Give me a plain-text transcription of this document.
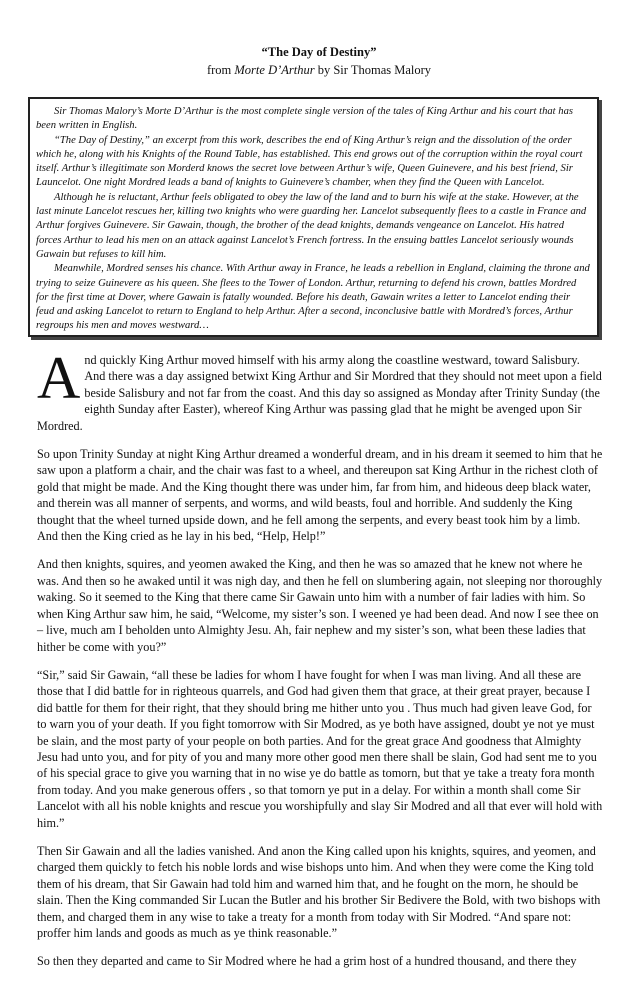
“The Day of Destiny”
from Morte D’Arthur by Sir Thomas Malory

Sir Thomas Malory’s Morte D’Arthur is the most complete single version of the tales of King Arthur and his court that has been written in English.

“The Day of Destiny,” an excerpt from this work, describes the end of King Arthur’s reign and the dissolution of the order which he, along with his Knights of the Round Table, has established. This end grows out of the corruption within the royal court itself. Arthur’s illegitimate son Morderd knows the secret love between Arthur’s wife, Queen Guinevere, and his best friend, Sir Launcelot. One night Mordred leads a band of knights to Guinevere’s chamber, when they find the Queen with Lancelot.

Although he is reluctant, Arthur feels obligated to obey the law of the land and to burn his wife at the stake. However, at the last minute Lancelot rescues her, killing two knights who were guarding her. Lancelot subsequently flees to a castle in France and Arthur forgives Guinevere. Sir Gawain, though, the brother of the dead knights, demands vengeance on Lancelot. His hatred forces Arthur to lead his men on an attack against Lancelot’s French fortress. In the ensuing battles Lancelot seriously wounds Gawain but refuses to kill him.

Meanwhile, Mordred senses his chance. With Arthur away in France, he leads a rebellion in England, claiming the throne and trying to seize Guinevere as his queen. She flees to the Tower of London. Arthur, returning to defend his crown, battles Mordred for the first time at Dover, where Gawain is fatally wounded. Before his death, Gawain writes a letter to Lancelot ending their feud and asking Lancelot to return to England to help Arthur. After a second, inconclusive battle with Mordred’s forces, Arthur regroups his men and moves westward…

And quickly King Arthur moved himself with his army along the coastline westward, toward Salisbury. And there was a day assigned betwixt King Arthur and Sir Mordred that they should not meet upon a field beside Salisbury and not far from the coast. And this day so assigned as Monday after Trinity Sunday (the eighth Sunday after Easter), whereof King Arthur was passing glad that he might be avenged upon Sir Mordred.

So upon Trinity Sunday at night King Arthur dreamed a wonderful dream, and in his dream it seemed to him that he saw upon a platform a chair, and the chair was fast to a wheel, and thereupon sat King Arthur in the richest cloth of gold that might be made. And the King thought there was under him, far from him, and hideous deep black water, and therein was all manner of serpents, and worms, and wild beasts, foul and horrible. And suddenly the King thought that the wheel turned upside down, and he fell among the serpents, and every beast took him by a limb. And then the King cried as he lay in his bed, “Help, Help!”

And then knights, squires, and yeomen awaked the King, and then he was so amazed that he knew not where he was. And then so he awaked until it was nigh day, and then he fell on slumbering again, not sleeping nor thoroughly waking. So it seemed to the King that there came Sir Gawain unto him with a number of fair ladies with him. So when King Arthur saw him, he said, “Welcome, my sister’s son. I weened ye had been dead. And now I see thee on – live, much am I beholden unto Almighty Jesu. Ah, fair nephew and my sister’s son, what been these ladies that hither be come with you?”

“Sir,” said Sir Gawain, “all these be ladies for whom I have fought for when I was man living. And all these are those that I did battle for in righteous quarrels, and God had given them that grace, at their great prayer, because I did battle for them for their right, that they should bring me hither unto you . Thus much had given leave God, for to warn you of your death. If you fight tomorrow with Sir Modred, as ye both have assigned, doubt ye not ye must be slain, and the most party of your people on both parties. And for the great grace And goodness that Almighty Jesu had unto you, and for pity of you and many more other good men there shall be slain, God had sent me to you of his special grace to give you warning that in no wise ye do battle as tomorn, but that ye take a treaty fora month from today. And you make generous offers , so that tomorn ye put in a delay. For within a month shall come Sir Lancelot with all his noble knights and rescue you worshipfully and slay Sir Modred and all that ever will hold with him.”

Then Sir Gawain and all the ladies vanished. And anon the King called upon his knights, squires, and yeomen, and charged them quickly to fetch his noble lords and wise bishops unto him. And when they were come the King told them of his dream, that Sir Gawain had told him and warned him that, and he fought on the morn, he should be slain. Then the King commanded Sir Lucan the Butler and his brother Sir Bedivere the Bold, with two bishops with them, and charged them in any wise to take a treaty for a month from today with Sir Modred. “And spare not: proffer him lands and goods as much as ye think reasonable.”

So then they departed and came to Sir Modred where he had a grim host of a hundred thousand, and there they
